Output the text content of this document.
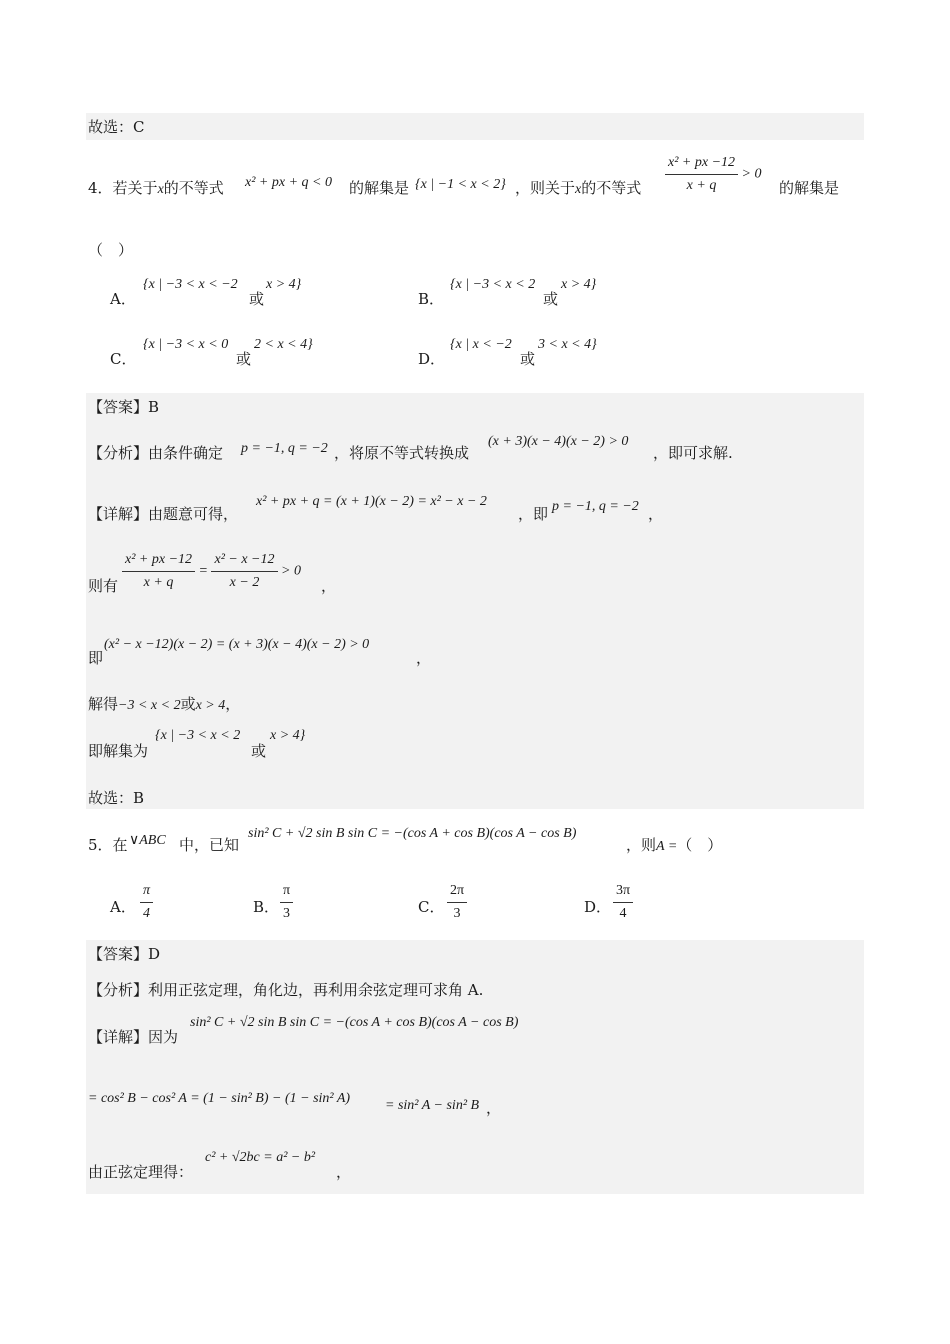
故选：C
4．若关于x的不等式 x² + px + q < 0 的解集是 {x | −1 < x < 2} ，则关于x的不等式 $\frac{\text{x² + px −12}}{x + q} > 0$
的解集是
（　）
A．
{x | −3 < x < −2
或
x > 4}
B．
{x | −3 < x < 2
或
x > 4}
C．
{x | −3 < x < 0
或
2 < x < 4}
D．
{x | x < −2
或
3 < x < 4}
【答案】B
【分析】由条件确定 p = −1, q = −2 ，将原不等式转换成
(x + 3)(x − 4)(x − 2) > 0
，即可求解.
【详解】由题意可得，
x² + px + q = (x + 1)(x − 2) = x² − x − 2
，即 p = −1, q = −2 ，
则有 $\frac{\text{x² + px −12}}{x + q} = \frac{\text{x² − x −12}}{x - 2} > 0$
，
即
(x² − x −12)(x − 2) = (x + 3)(x − 4)(x − 2) > 0
，
解得−3 < x < 2或x > 4，
即解集为
{x | −3 < x < 2
或
x > 4}
故选：B
5．在 ∨ABC 中，已知
sin² C + √2 sin B sin C = −(cos A + cos B)(cos A − cos B)
，则A =（　）
A． $\frac{\pi}{4}$	B． $\frac{\pi}{3}$	C． $\frac{2\pi}{3}$	D． $\frac{3\pi}{4}$
【答案】D
【分析】利用正弦定理，角化边，再利用余弦定理可求角 A.
【详解】因为
sin² C + √2 sin B sin C = −(cos A + cos B)(cos A − cos B)
= cos² B − cos² A = (1 − sin² B) − (1 − sin² A) = sin² A − sin² B ，
由正弦定理得：
c² + √2bc = a² − b²
，
